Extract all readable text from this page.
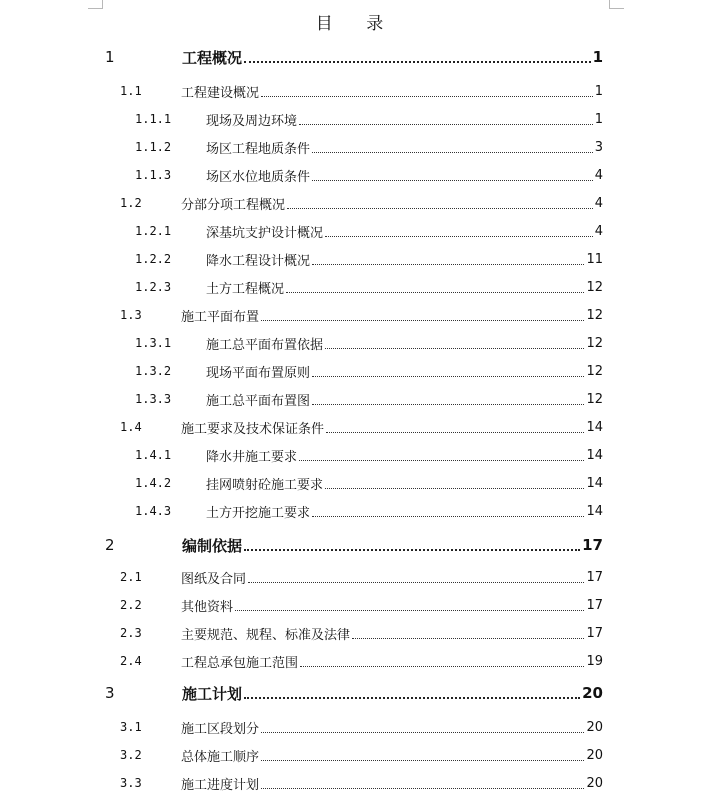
目 录
1	工程概况	1
1.1	工程建设概况	1
1.1.1	现场及周边环境	1
1.1.2	场区工程地质条件	3
1.1.3	场区水位地质条件	4
1.2	分部分项工程概况	4
1.2.1	深基坑支护设计概况	4
1.2.2	降水工程设计概况	11
1.2.3	土方工程概况	12
1.3	施工平面布置	12
1.3.1	施工总平面布置依据	12
1.3.2	现场平面布置原则	12
1.3.3	施工总平面布置图	12
1.4	施工要求及技术保证条件	14
1.4.1	降水井施工要求	14
1.4.2	挂网喷射砼施工要求	14
1.4.3	土方开挖施工要求	14
2	编制依据	17
2.1	图纸及合同	17
2.2	其他资料	17
2.3	主要规范、规程、标准及法律	17
2.4	工程总承包施工范围	19
3	施工计划	20
3.1	施工区段划分	20
3.2	总体施工顺序	20
3.3	施工进度计划	20
